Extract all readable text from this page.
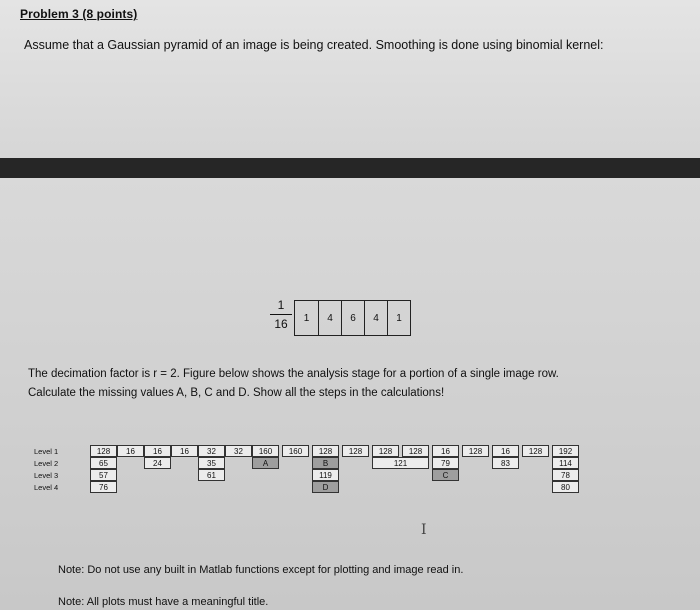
Problem 3 (8 points)
Assume that a Gaussian pyramid of an image is being created. Smoothing is done using binomial kernel:
1
16	1	4	6	4	1
The decimation factor is r = 2. Figure below shows the analysis stage for a portion of a single image row.
Calculate the missing values A, B, C and D. Show all the steps in the calculations!
Level 1	128	16	16	16	32	32	160	160	128	128	128	128	16	128	16	128	192
Level 2	65	24	35	A	B	121	79	83	114
Level 3	57	61	119	C	78
Level 4	76	D	80
I
Note: Do not use any built in Matlab functions except for plotting and image read in.
Note: All plots must have a meaningful title.
